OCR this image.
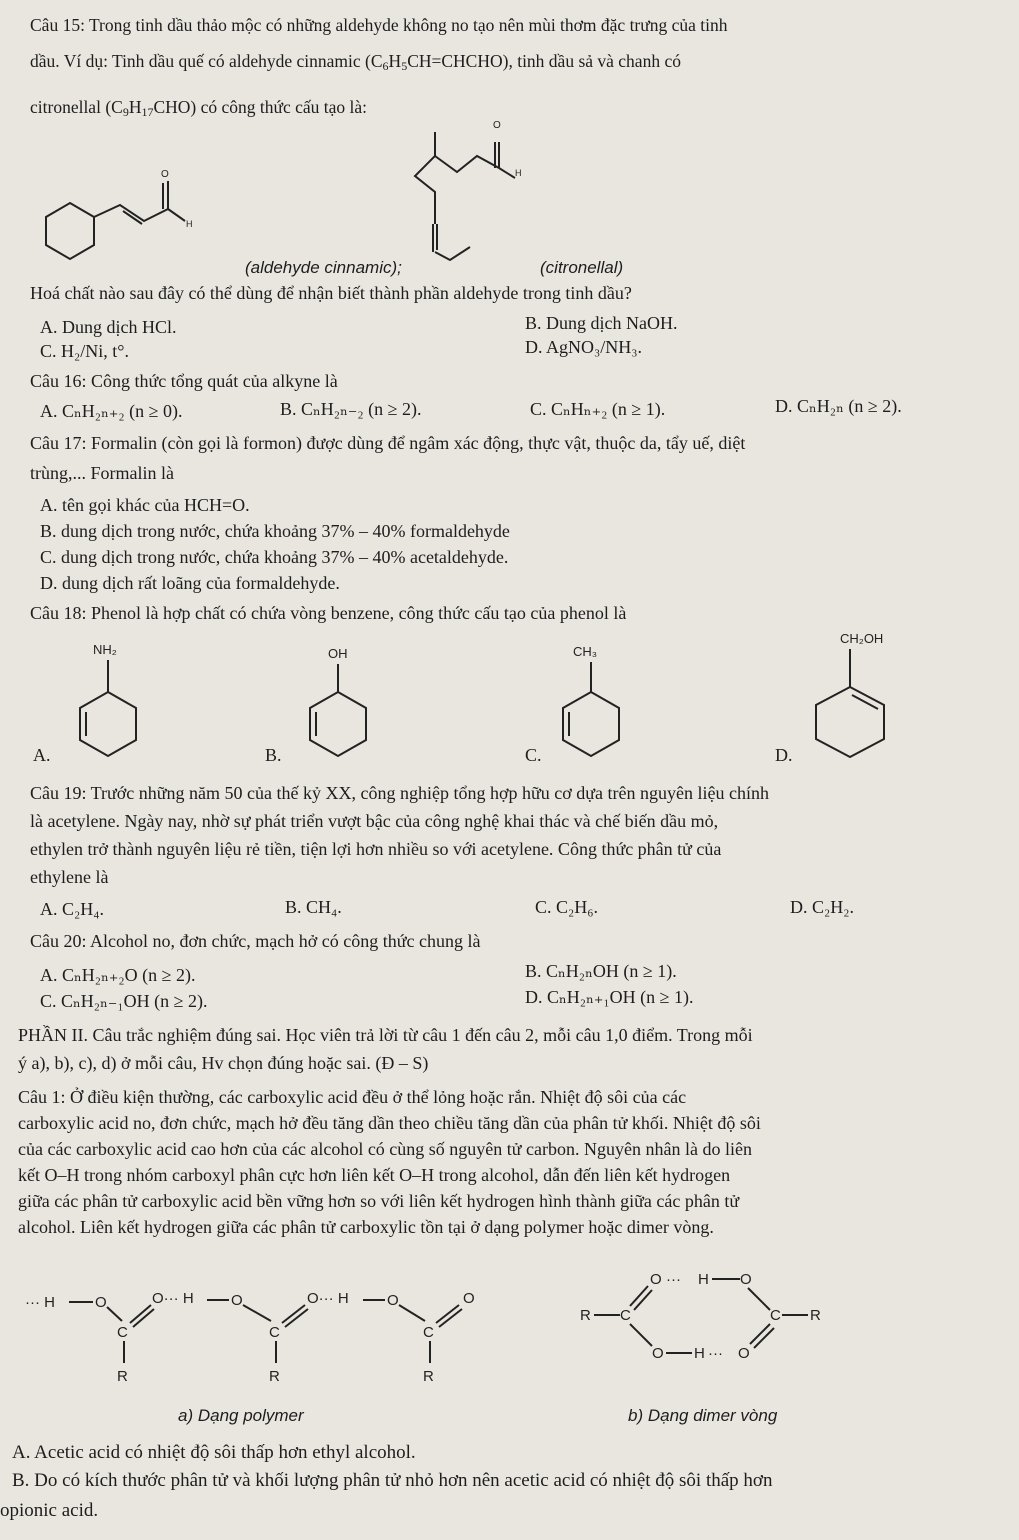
Câu 15: Trong tinh dầu thảo mộc có những aldehyde không no tạo nên mùi thơm đặc trưng của tinh
dầu. Ví dụ: Tinh dầu quế có aldehyde cinnamic (C6H5CH=CHCHO), tinh dầu sả và chanh có
citronellal (C9H17CHO) có công thức cấu tạo là:
O
H
O
H
(aldehyde cinnamic);	(citronellal)
Hoá chất nào sau đây có thể dùng để nhận biết thành phần aldehyde trong tinh dầu?
A. Dung dịch HCl.	B. Dung dịch NaOH.
C. H₂/Ni, t°.	D. AgNO₃/NH₃.
Câu 16: Công thức tổng quát của alkyne là
A. CₙH₂ₙ₊₂ (n ≥ 0).	B. CₙH₂ₙ₋₂ (n ≥ 2).	C. CₙHₙ₊₂ (n ≥ 1).	D. CₙH₂ₙ (n ≥ 2).
Câu 17: Formalin (còn gọi là formon) được dùng để ngâm xác động, thực vật, thuộc da, tẩy uế, diệt
trùng,... Formalin là
A. tên gọi khác của HCH=O.
B. dung dịch trong nước, chứa khoảng 37% – 40% formaldehyde
C. dung dịch trong nước, chứa khoảng 37% – 40% acetaldehyde.
D. dung dịch rất loãng của formaldehyde.
Câu 18: Phenol là hợp chất có chứa vòng benzene, công thức cấu tạo của phenol là
NH₂	OH	CH₃
CH₂OH
A.	B.	C.	D.
Câu 19: Trước những năm 50 của thế kỷ XX, công nghiệp tổng hợp hữu cơ dựa trên nguyên liệu chính
là acetylene. Ngày nay, nhờ sự phát triển vượt bậc của công nghệ khai thác và chế biến dầu mỏ,
ethylen trở thành nguyên liệu rẻ tiền, tiện lợi hơn nhiều so với acetylene. Công thức phân tử của
ethylene là
A. C₂H₄.	B. CH₄.	C. C₂H₆.	D. C₂H₂.
Câu 20: Alcohol no, đơn chức, mạch hở có công thức chung là
A. CₙH₂ₙ₊₂O (n ≥ 2).	B. CₙH₂ₙOH (n ≥ 1).
C. CₙH₂ₙ₋₁OH (n ≥ 2).	D. CₙH₂ₙ₊₁OH (n ≥ 1).
PHẦN II. Câu trắc nghiệm đúng sai. Học viên trả lời từ câu 1 đến câu 2, mỗi câu 1,0 điểm. Trong mỗi
ý a), b), c), d) ở mỗi câu, Hv chọn đúng hoặc sai. (Đ – S)
Câu 1: Ở điều kiện thường, các carboxylic acid đều ở thể lỏng hoặc rắn. Nhiệt độ sôi của các
carboxylic acid no, đơn chức, mạch hở đều tăng dần theo chiều tăng dần của phân tử khối. Nhiệt độ sôi
của các carboxylic acid cao hơn của các alcohol có cùng số nguyên tử carbon. Nguyên nhân là do liên
kết O–H trong nhóm carboxyl phân cực hơn liên kết O–H trong alcohol, dẫn đến liên kết hydrogen
giữa các phân tử carboxylic acid bền vững hơn so với liên kết hydrogen hình thành giữa các phân tử
alcohol. Liên kết hydrogen giữa các phân tử carboxylic tồn tại ở dạng polymer hoặc dimer vòng.
··· H	O
C
O··· H
R
O
C
O··· H
R
O
C
O
R
R C
O ··· H O
C R
O H ··· O
a) Dạng polymer	b) Dạng dimer vòng
A. Acetic acid có nhiệt độ sôi thấp hơn ethyl alcohol.
B. Do có kích thước phân tử và khối lượng phân tử nhỏ hơn nên acetic acid có nhiệt độ sôi thấp hơn
opionic acid.
